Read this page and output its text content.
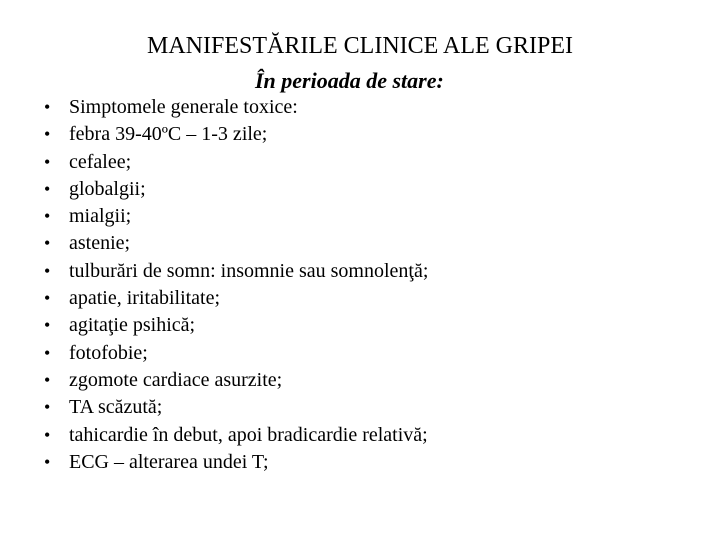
MANIFESTĂRILE CLINICE ALE GRIPEI
În perioada de stare:
• Simptomele generale toxice:
• febra 39-40ºC – 1-3 zile;
• cefalee;
• globalgii;
• mialgii;
• astenie;
• tulburări de somn: insomnie sau somnolenţă;
• apatie, iritabilitate;
• agitaţie psihică;
• fotofobie;
• zgomote cardiace asurzite;
• TA scăzută;
• tahicardie în debut, apoi bradicardie relativă;
• ECG – alterarea undei T;
